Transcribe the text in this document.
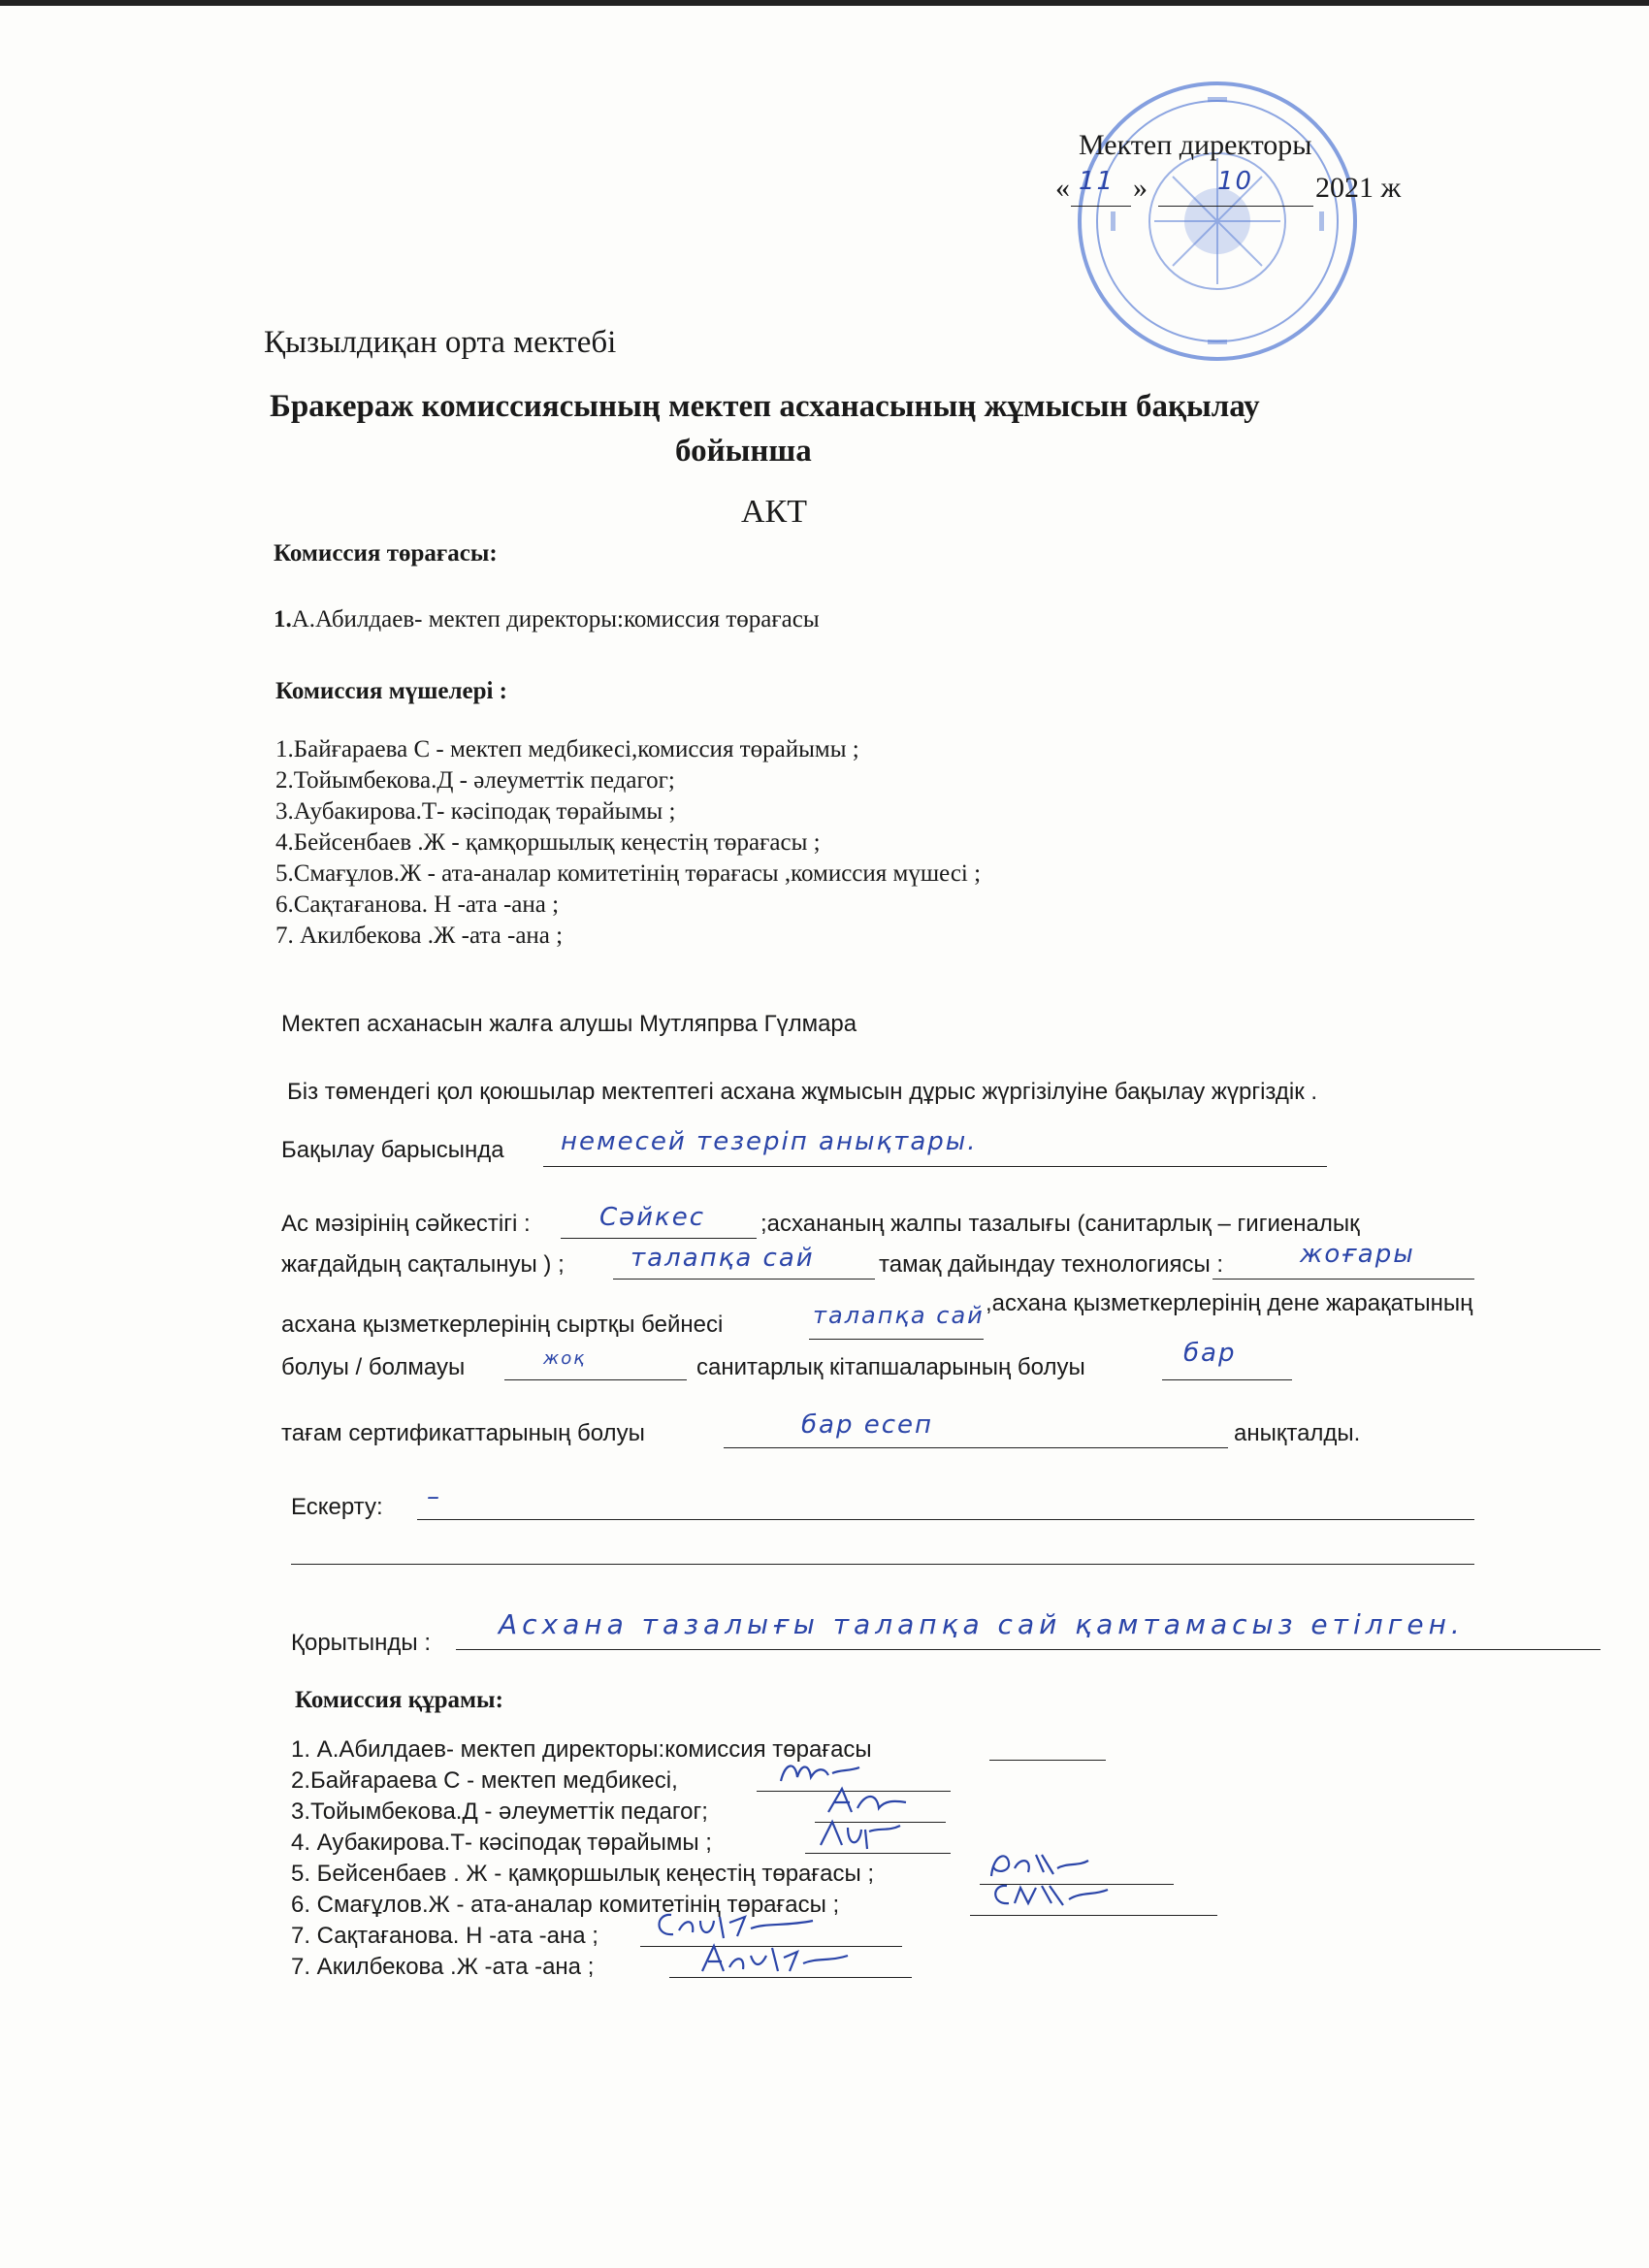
Мектеп директоры
« 11 »	10 2021 ж
Қызылдиқан орта мектебі
Бракераж комиссиясының мектеп асханасының жұмысын бақылау
бойынша
АКТ
Комиссия төрағасы:
1.А.Абилдаев- мектеп директоры:комиссия төрағасы
Комиссия мүшелері :
1.Байғараева С - мектеп медбикесі,комиссия төрайымы ;
2.Тойымбекова.Д - әлеуметтік педагог;
3.Аубакирова.Т- кәсіподақ төрайымы ;
4.Бейсенбаев .Ж - қамқоршылық кеңестің төрағасы ;
5.Смағұлов.Ж - ата-аналар комитетінің төрағасы ,комиссия мүшесі ;
6.Сақтағанова. Н -ата -ана ;
7. Акилбекова .Ж -ата -ана ;
Мектеп асханасын жалға алушы Мутляпрва Гүлмара
Біз төмендегі қол қоюшылар мектептегі асхана жұмысын дұрыс жүргізілуіне бақылау жүргіздік .
Бақылау барысында немесей тезеріп анықтары.
Ас мәзірінің сәйкестігі :	Сәйкес ;асхананың жалпы тазалығы (санитарлық – гигиеналық
жағдайдың сақталынуы ) ;	талапқа сай	тамақ дайындау технологиясы :	жоғары
асхана қызметкерлерінің сыртқы бейнесі	талапқа сай ,асхана қызметкерлерінің дене жарақатының
болуы / болмауы	жоқ	санитарлық кітапшаларының болуы	бар
тағам сертификаттарының болуы	бар есеп	анықталды.
Ескерту: –
Қорытынды :
Асхана тазалығы талапқа сай қамтамасыз етілген.
Комиссия құрамы:
1. А.Абилдаев- мектеп директоры:комиссия төрағасы
2.Байғараева С - мектеп медбикесі,
3.Тойымбекова.Д - әлеуметтік педагог;
4. Аубакирова.Т- кәсіподақ төрайымы ;
5. Бейсенбаев . Ж - қамқоршылық кеңестің төрағасы ;
6. Смағұлов.Ж - ата-аналар комитетінің төрағасы ;
7. Сақтағанова. Н -ата -ана ;
7. Акилбекова .Ж -ата -ана ;
